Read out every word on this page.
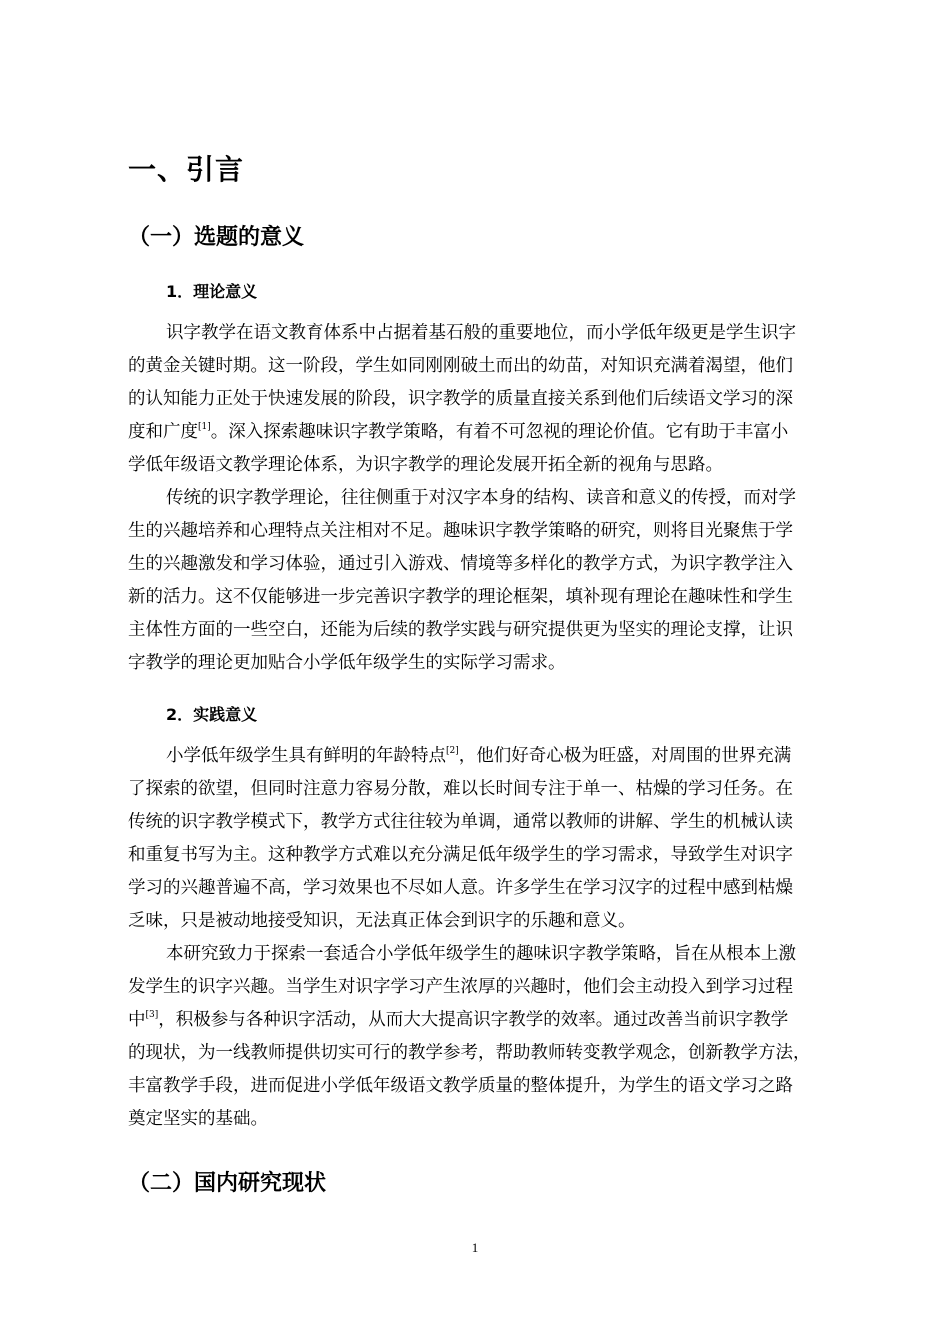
一、引言
（一）选题的意义
1．理论意义

识字教学在语文教育体系中占据着基石般的重要地位，而小学低年级更是学生识字

的黄金关键时期。这一阶段，学生如同刚刚破土而出的幼苗，对知识充满着渴望，他们

的认知能力正处于快速发展的阶段，识字教学的质量直接关系到他们后续语文学习的深

度和广度[1]。深入探索趣味识字教学策略，有着不可忽视的理论价值。它有助于丰富小

学低年级语文教学理论体系，为识字教学的理论发展开拓全新的视角与思路。

传统的识字教学理论，往往侧重于对汉字本身的结构、读音和意义的传授，而对学

生的兴趣培养和心理特点关注相对不足。趣味识字教学策略的研究，则将目光聚焦于学

生的兴趣激发和学习体验，通过引入游戏、情境等多样化的教学方式，为识字教学注入

新的活力。这不仅能够进一步完善识字教学的理论框架，填补现有理论在趣味性和学生

主体性方面的一些空白，还能为后续的教学实践与研究提供更为坚实的理论支撑，让识

字教学的理论更加贴合小学低年级学生的实际学习需求。

2．实践意义

小学低年级学生具有鲜明的年龄特点[2]，他们好奇心极为旺盛，对周围的世界充满

了探索的欲望，但同时注意力容易分散，难以长时间专注于单一、枯燥的学习任务。在

传统的识字教学模式下，教学方式往往较为单调，通常以教师的讲解、学生的机械认读

和重复书写为主。这种教学方式难以充分满足低年级学生的学习需求，导致学生对识字

学习的兴趣普遍不高，学习效果也不尽如人意。许多学生在学习汉字的过程中感到枯燥

乏味，只是被动地接受知识，无法真正体会到识字的乐趣和意义。

本研究致力于探索一套适合小学低年级学生的趣味识字教学策略，旨在从根本上激

发学生的识字兴趣。当学生对识字学习产生浓厚的兴趣时，他们会主动投入到学习过程

中[3]，积极参与各种识字活动，从而大大提高识字教学的效率。通过改善当前识字教学

的现状，为一线教师提供切实可行的教学参考，帮助教师转变教学观念，创新教学方法，

丰富教学手段，进而促进小学低年级语文教学质量的整体提升，为学生的语文学习之路

奠定坚实的基础。

（二）国内研究现状
1
